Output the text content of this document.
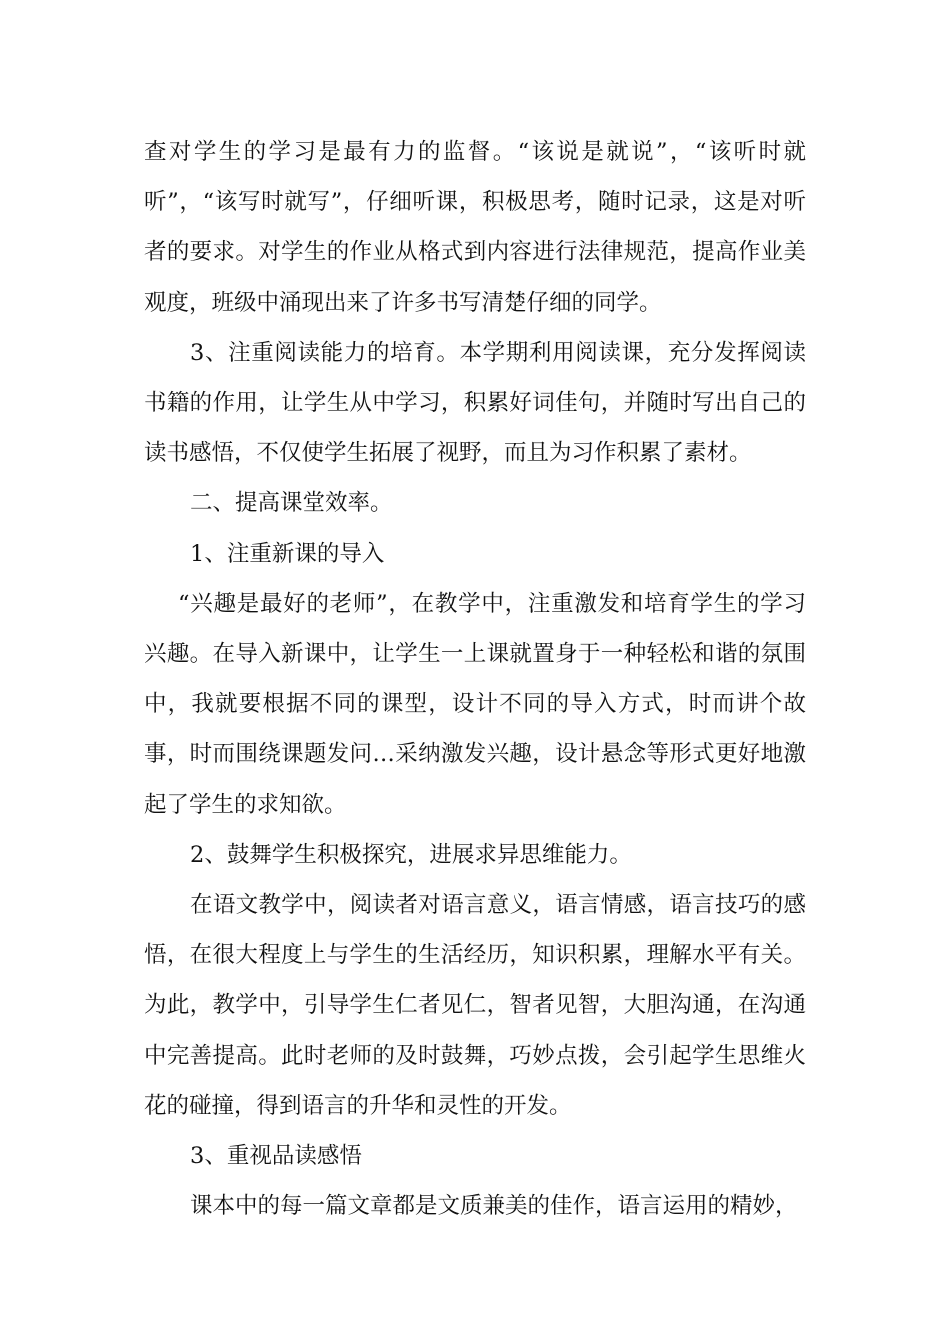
查对学生的学习是最有力的监督。“该说是就说”，“该听时就听”，“该写时就写”，仔细听课，积极思考，随时记录，这是对听者的要求。对学生的作业从格式到内容进行法律规范，提高作业美观度，班级中涌现出来了许多书写清楚仔细的同学。

3、注重阅读能力的培育。本学期利用阅读课，充分发挥阅读书籍的作用，让学生从中学习，积累好词佳句，并随时写出自己的读书感悟，不仅使学生拓展了视野，而且为习作积累了素材。

二、提高课堂效率。

1、注重新课的导入

“兴趣是最好的老师”，在教学中，注重激发和培育学生的学习兴趣。在导入新课中，让学生一上课就置身于一种轻松和谐的氛围中，我就要根据不同的课型，设计不同的导入方式，时而讲个故事，时而围绕课题发问…采纳激发兴趣，设计悬念等形式更好地激起了学生的求知欲。

2、鼓舞学生积极探究，进展求异思维能力。

在语文教学中，阅读者对语言意义，语言情感，语言技巧的感悟，在很大程度上与学生的生活经历，知识积累，理解水平有关。为此，教学中，引导学生仁者见仁，智者见智，大胆沟通，在沟通中完善提高。此时老师的及时鼓舞，巧妙点拨，会引起学生思维火花的碰撞，得到语言的升华和灵性的开发。

3、重视品读感悟

课本中的每一篇文章都是文质兼美的佳作，语言运用的精妙，
